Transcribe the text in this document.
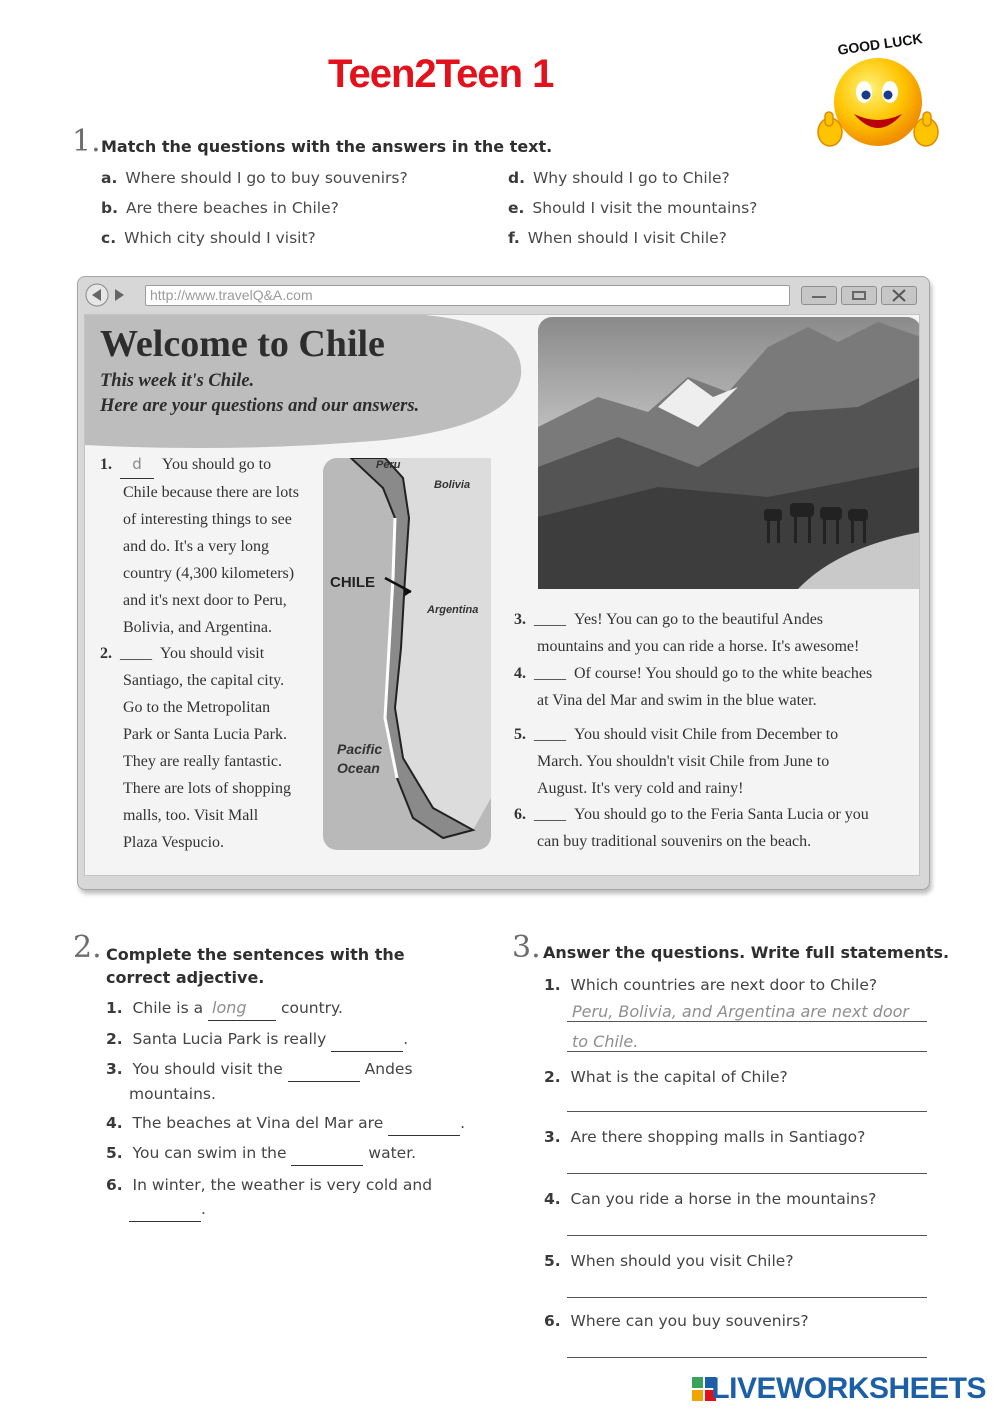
Teen2Teen 1
GOOD LUCK
1. Match the questions with the answers in the text.
a. Where should I go to buy souvenirs?
b. Are there beaches in Chile?
c. Which city should I visit?
d. Why should I go to Chile?
e. Should I visit the mountains?
f. When should I visit Chile?
http://www.travelQ&A.com
Peru
Bolivia
CHILE
Argentina
Pacific
Ocean
Welcome to Chile
This week it's Chile.
Here are your questions and our answers.
1. d You should go to
Chile because there are lots
of interesting things to see
and do. It's a very long
country (4,300 kilometers)
and it's next door to Peru,
Bolivia, and Argentina.
2. ____ You should visit
Santiago, the capital city.
Go to the Metropolitan
Park or Santa Lucia Park.
They are really fantastic.
There are lots of shopping
malls, too. Visit Mall
Plaza Vespucio.
3. ____ Yes! You can go to the beautiful Andes
mountains and you can ride a horse. It's awesome!
4. ____ Of course! You should go to the white beaches
at Vina del Mar and swim in the blue water.
5. ____ You should visit Chile from December to
March. You shouldn't visit Chile from June to
August. It's very cold and rainy!
6. ____ You should go to the Feria Santa Lucia or you
can buy traditional souvenirs on the beach.
2. Complete the sentences with the
correct adjective.
1. Chile is a long country.
2. Santa Lucia Park is really	.
3. You should visit the	Andes
mountains.
4. The beaches at Vina del Mar are	.
5. You can swim in the	water.
6. In winter, the weather is very cold and
.
3. Answer the questions. Write full statements.
1. Which countries are next door to Chile?
Peru, Bolivia, and Argentina are next door
to Chile.
2. What is the capital of Chile?
3. Are there shopping malls in Santiago?
4. Can you ride a horse in the mountains?
5. When should you visit Chile?
6. Where can you buy souvenirs?
LIVEWORKSHEETS
